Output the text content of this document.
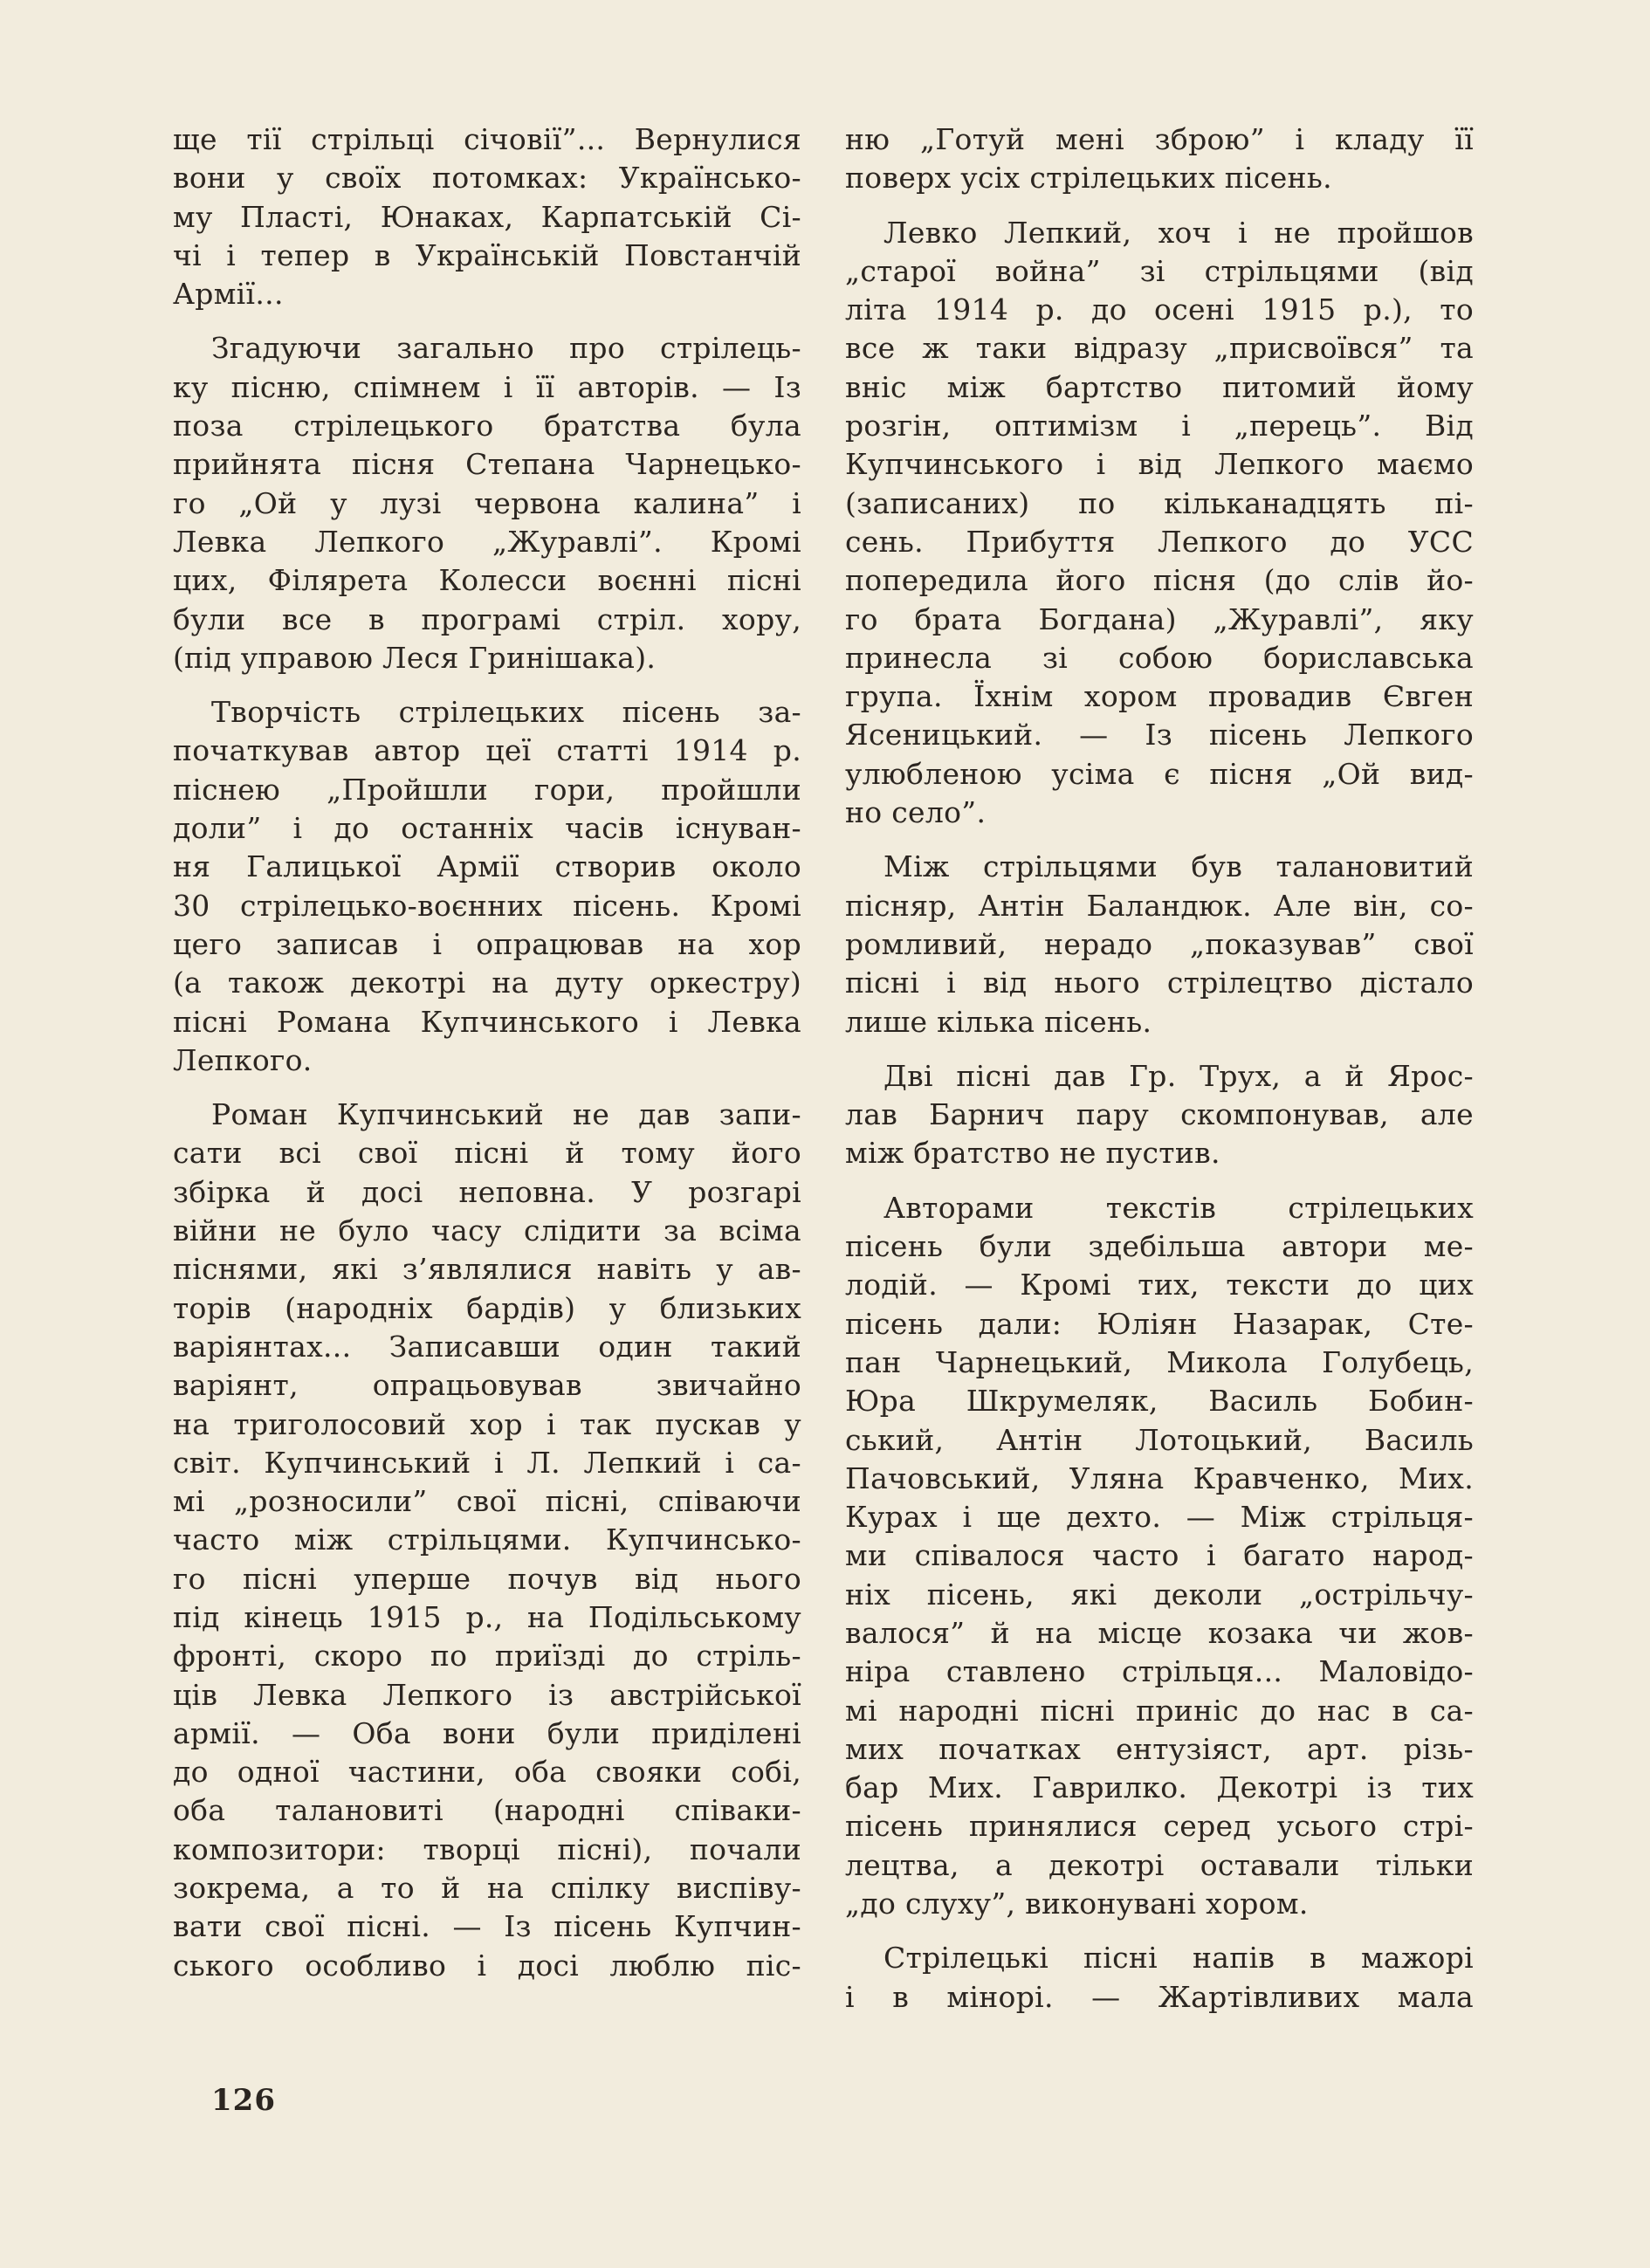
ще тії стрільці січовії”... Вернулися
вони у своїх потомках: Українсько-
му Пласті, Юнаках, Карпатській Сі-
чі і тепер в Українській Повстанчій
Армії...
Згадуючи загально про стрілець-
ку пісню, спімнем і її авторів. — Із
поза стрілецького братства була
прийнята пісня Степана Чарнецько-
го „Ой у лузі червона калина” і
Левка Лепкого „Журавлі”. Кромі
цих, Філярета Колесси воєнні пісні
були все в програмі стріл. хору,
(під управою Леся Гринішака).
Творчість стрілецьких пісень за-
початкував автор цеї статті 1914 р.
піснею „Пройшли гори, пройшли
доли” і до останніх часів існуван-
ня Галицької Армії створив около
30 стрілецько-воєнних пісень. Кромі
цего записав і опрацював на хор
(а також декотрі на дуту оркестру)
пісні Романа Купчинського і Левка
Лепкого.
Роман Купчинський не дав запи-
сати всі свої пісні й тому його
збірка й досі неповна. У розгарі
війни не було часу слідити за всіма
піснями, які з’являлися навіть у ав-
торів (народніх бардів) у близьких
варіянтах... Записавши один такий
варіянт, опрацьовував звичайно
на триголосовий хор і так пускав у
світ. Купчинський і Л. Лепкий і са-
мі „розносили” свої пісні, співаючи
часто між стрільцями. Купчинсько-
го пісні уперше почув від нього
під кінець 1915 р., на Подільському
фронті, скоро по приїзді до стріль-
ців Левка Лепкого із австрійської
армії. — Оба вони були приділені
до одної частини, оба свояки собі,
оба талановиті (народні співаки-
композитори: творці пісні), почали
зокрема, а то й на спілку виспіву-
вати свої пісні. — Із пісень Купчин-
ського особливо і досі люблю піс-
ню „Готуй мені зброю” і кладу її
поверх усіх стрілецьких пісень.
Левко Лепкий, хоч і не пройшов
„старої война” зі стрільцями (від
літа 1914 р. до осені 1915 р.), то
все ж таки відразу „присвоївся” та
вніс між бартство питомий йому
розгін, оптимізм і „перець”. Від
Купчинського і від Лепкого маємо
(записаних) по кільканадцять пі-
сень. Прибуття Лепкого до УСС
попередила його пісня (до слів йо-
го брата Богдана) „Журавлі”, яку
принесла зі собою бориславська
група. Їхнім хором провадив Євген
Ясеницький. — Із пісень Лепкого
улюбленою усіма є пісня „Ой вид-
но село”.
Між стрільцями був талановитий
пісняр, Антін Баландюк. Але він, со-
ромливий, нерадо „показував” свої
пісні і від нього стрілецтво дістало
лише кілька пісень.
Дві пісні дав Гр. Трух, а й Ярос-
лав Барнич пару скомпонував, але
між братство не пустив.
Авторами текстів стрілецьких
пісень були здебільша автори ме-
лодій. — Кромі тих, тексти до цих
пісень дали: Юліян Назарак, Сте-
пан Чарнецький, Микола Голубець,
Юра Шкрумеляк, Василь Бобин-
ський, Антін Лотоцький, Василь
Пачовський, Уляна Кравченко, Мих.
Курах і ще дехто. — Між стрільця-
ми співалося часто і багато народ-
ніх пісень, які деколи „острільчу-
валося” й на місце козака чи жов-
ніра ставлено стрільця... Маловідо-
мі народні пісні приніс до нас в са-
мих початках ентузіяст, арт. різь-
бар Мих. Гаврилко. Декотрі із тих
пісень принялися серед усього стрі-
лецтва, а декотрі оставали тільки
„до слуху”, виконувані хором.
Стрілецькі пісні напів в мажорі
і в мінорі. — Жартівливих мала
126
